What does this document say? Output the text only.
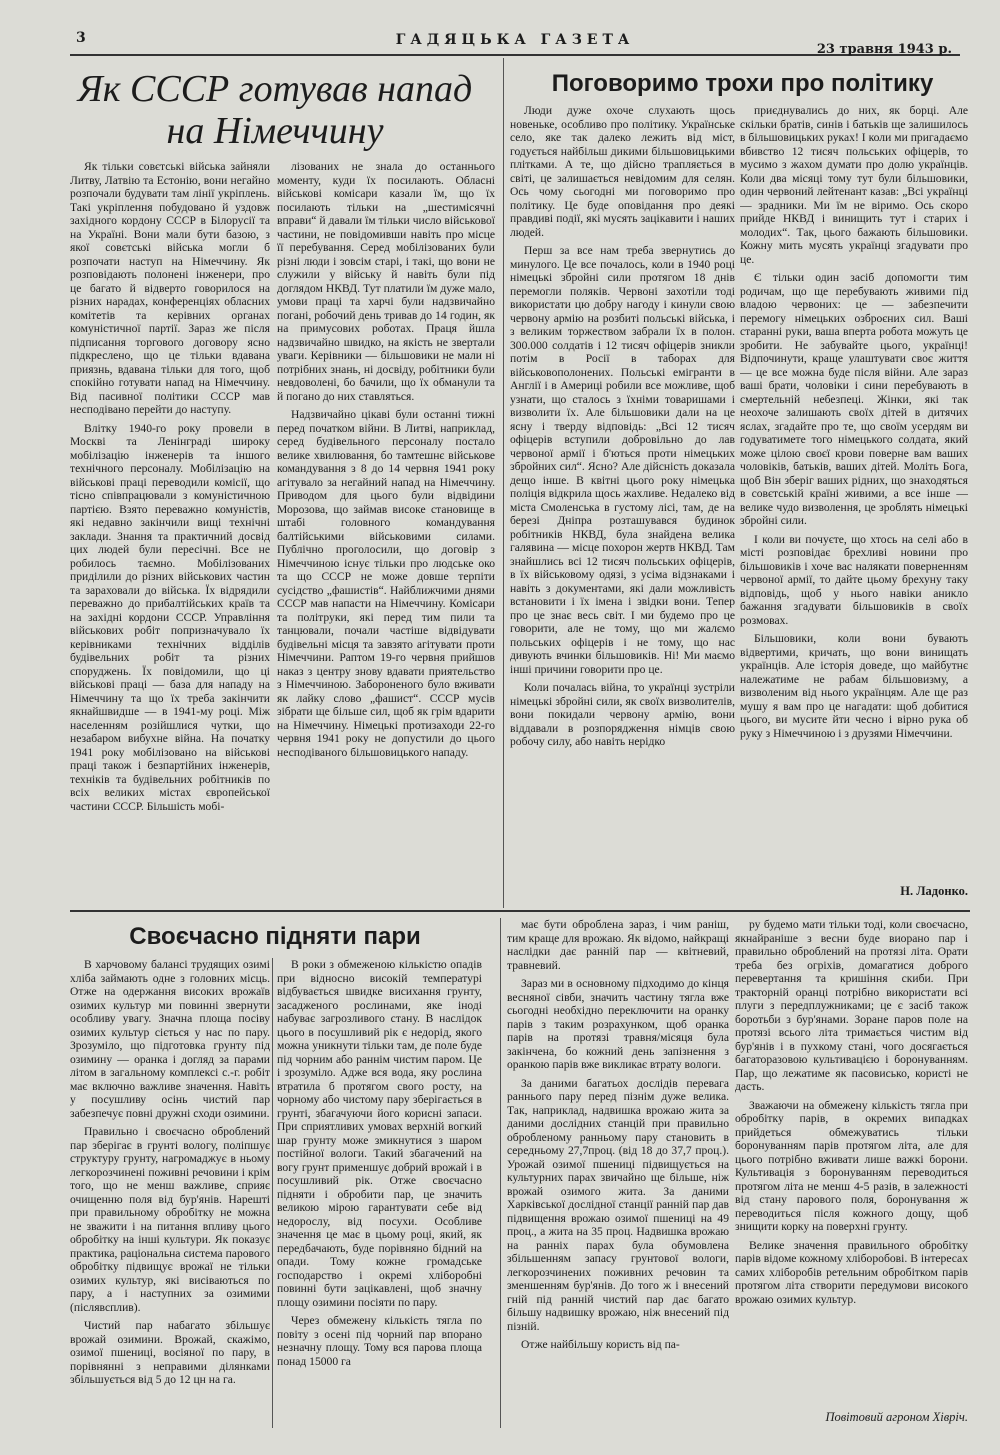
3	ГАДЯЦЬКА ГАЗЕТА
23 травня 1943 р.
Як СССР готував напад на Німеччину
Поговоримо трохи про політику

Як тільки совєтські війська зайняли Литву, Латвію та Естонію, вони негайно розпочали будувати там лінії укріплень. Такі укріплення побудовано й уздовж західного кордону СССР в Білорусії та на Україні. Вони мали бути базою, з якої совєтські війська могли б розпочати наступ на Німеччину. Як розповідають полонені інженери, про це багато й відверто говорилося на різних нарадах, конференціях обласних комітетів та керівних органах комуністичної партії. Зараз же після підписання торгового договору ясно підкреслено, що це тільки вдавана приязнь, вдавана тільки для того, щоб спокійно готувати напад на Німеччину. Від пасивної політики СССР мав несподівано перейти до наступу.

Влітку 1940-го року провели в Москві та Ленінграді широку мобілізацію інженерів та іншого технічного персоналу. Мобілізацію на військові праці переводили комісії, що тісно співпрацювали з комуністичною партією. Взято переважно комуністів, які недавно закінчили вищі технічні заклади. Знання та практичний досвід цих людей були пересічні. Все не робилось таємно. Мобілізованих приділили до різних військових частин та зараховали до війська. Їх відрядили переважно до прибалтійських країв та на західні кордони СССР. Управління військових робіт попризначувало їх керівниками технічних відділів будівельних робіт та різних споруджень. Їх повідомили, що ці військові праці — база для нападу на Німеччину та що їх треба закінчити якнайшвидше — в 1941-му році. Між населенням розійшлися чутки, що незабаром вибухне війна. На початку 1941 року мобілізовано на військові праці також і безпартійних інженерів, техніків та будівельних робітників по всіх великих містах європейської частини СССР. Більшість мобі-

лізованих не знала до останнього моменту, куди їх посилають. Обласні військові комісари казали їм, що їх посилають тільки на „шестимісячні вправи“ й давали їм тільки число військової частини, не повідомивши навіть про місце її перебування. Серед мобілізованих були різні люди і зовсім старі, і такі, що вони не служили у війську й навіть були під доглядом НКВД. Тут платили їм дуже мало, умови праці та харчі були надзвичайно погані, робочий день тривав до 14 годин, як на примусових роботах. Праця йшла надзвичайно швидко, на якість не звертали уваги. Керівники — більшовики не мали ні потрібних знань, ні досвіду, робітники були невдоволені, бо бачили, що їх обманули та й погано до них ставляться.

Надзвичайно цікаві були останні тижні перед початком війни. В Литві, наприклад, серед будівельного персоналу постало велике хвилювання, бо тамтешнє військове командування з 8 до 14 червня 1941 року агітувало за негайний напад на Німеччину. Приводом для цього були відвідини Морозова, що займав високе становище в штабі головного командування балтійськими військовими силами. Публічно проголосили, що договір з Німеччиною існує тільки про людське око та що СССР не може довше терпіти сусідство „фашистів“. Найближчими днями СССР мав напасти на Німеччину. Комісари та політруки, які перед тим пили та танцювали, почали частіше відвідувати будівельні місця та завзято агітувати проти Німеччини. Раптом 19-го червня прийшов наказ з центру знову вдавати приятельство з Німеччиною. Забороненого було вживати як лайку слово „фашист“. СССР мусів зібрати ще більше сил, щоб як грім вдарити на Німеччину. Німецькі протизаходи 22-го червня 1941 року не допустили до цього несподіваного більшовицького нападу.

Люди дуже охоче слухають щось новеньке, особливо про політику. Українське село, яке так далеко лежить від міст, годується найбільш дикими більшовицькими плітками. А те, що дійсно трапляється в світі, це залишається невідомим для селян. Ось чому сьогодні ми поговоримо про політику. Це буде оповідання про деякі правдиві події, які мусять зацікавити і наших людей.

Перш за все нам треба звернутись до минулого. Це все почалось, коли в 1940 році німецькі збройні сили протягом 18 днів перемогли поляків. Червоні захотіли тоді використати цю добру нагоду і кинули свою червону армію на розбиті польські війська, і з великим торжеством забрали їх в полон. 300.000 солдатів і 12 тисяч офіцерів зникли потім в Росії в таборах для військовополонених. Польські емігранти в Англії і в Америці робили все можливе, щоб узнати, що сталось з їхніми товаришами і визволити їх. Але більшовики дали на це ясну і тверду відповідь: „Всі 12 тисяч офіцерів вступили добровільно до лав червоної армії і б'ються проти німецьких збройних сил“. Ясно? Але дійсність доказала дещо інше. В квітні цього року німецька поліція відкрила щось жахливе. Недалеко від міста Смоленська в густому лісі, там, де на березі Дніпра розташувався будинок робітників НКВД, була знайдена велика галявина — місце похорон жертв НКВД. Там знайшлись всі 12 тисяч польських офіцерів, в їх військовому одязі, з усіма відзнаками і навіть з документами, які дали можливість встановити і їх імена і звідки вони. Тепер про це знає весь світ. І ми будемо про це говорити, але не тому, що ми жалємо польських офіцерів і не тому, що нас дивують вчинки більшовиків. Ні! Ми маємо інші причини говорити про це.

Коли почалась війна, то українці зустріли німецькі збройні сили, як своїх визволителів, вони покидали червону армію, вони віддавали в розпорядження німців свою робочу силу, або навіть нерідко

приєднувались до них, як борці. Але скільки братів, синів і батьків ще залишилось в більшовицьких руках! І коли ми пригадаємо вбивство 12 тисяч польських офіцерів, то мусимо з жахом думати про долю українців. Коли два місяці тому тут були більшовики, один червоний лейтенант казав: „Всі українці — зрадники. Ми їм не віримо. Ось скоро прийде НКВД і винищить тут і старих і молодих“. Так, цього бажають більшовики. Кожну мить мусять українці згадувати про це.

Є тільки один засіб допомогти тим родичам, що ще перебувають живими під владою червоних: це — забезпечити перемогу німецьких озброєних сил. Ваші старанні руки, ваша вперта робота можуть це зробити. Не забувайте цього, українці! Відпочинути, краще улаштувати своє життя — це все можна буде після війни. Але зараз ваші брати, чоловіки і сини перебувають в смертельній небезпеці. Жінки, які так неохоче залишають своїх дітей в дитячих яслах, згадайте про те, що своїм усердям ви годуватимете того німецького солдата, який може цілою своєї крови поверне вам ваших чоловіків, батьків, ваших дітей. Моліть Бога, щоб Він зберіг ваших рідних, що знаходяться в совєтській країні живими, а все інше — велике чудо визволення, це зроблять німецькі збройні сили.

І коли ви почуєте, що хтось на селі або в місті розповідає брехливі новини про більшовиків і хоче вас налякати поверненням червоної армії, то дайте цьому брехуну таку відповідь, щоб у нього навіки аникло бажання згадувати більшовиків в своїх розмовах.

Більшовики, коли вони бувають відвертими, кричать, що вони винищать українців. Але історія доведе, що майбутнє належатиме не рабам більшовизму, а визволеним від нього українцям. Але ще раз мушу я вам про це нагадати: щоб добитися цього, ви мусите йти чесно і вірно рука об руку з Німеччиною і з друзями Німеччини.

Н. Ладонко.
Своєчасно підняти пари

В харчовому балансі трудящих озимі хліба займають одне з головних місць. Отже на одержання високих врожаїв озимих культур ми повинні звернути особливу увагу. Значна площа посіву озимих культур сіється у нас по пару. Зрозуміло, що підготовка грунту під озимину — оранка і догляд за парами літом в загальному комплексі с.-г. робіт має включно важливе значення. Навіть у посушливу осінь чистий пар забезпечує повні дружні сходи озимини.

Правильно і своєчасно оброблений пар зберігає в грунті вологу, поліпшує структуру грунту, нагромаджує в ньому легкорозчинені поживні речовини і крім того, що не менш важливе, сприяє очищенню поля від бур'янів. Нарешті при правильному обробітку не можна не зважити і на питання впливу цього обробітку на інші культури. Як показує практика, раціональна система парового обробітку підвищує врожаї не тільки озимих культур, які висіваються по пару, а і наступних за озимими (післявсплив).

Чистий пар набагато збільшує врожай озимини. Врожай, скажімо, озимої пшениці, восіяної по пару, в порівнянні з неправими ділянками збільшується від 5 до 12 цн на га.

В роки з обмеженою кількістю опадів при відносно високій температурі відбувається швидке висихання грунту, засадженого рослинами, яке іноді набуває загрозливого стану. В наслідок цього в посушливий рік є недорід, якого можна уникнути тільки там, де поле буде під чорним або раннім чистим паром. Це і зрозуміло. Адже вся вода, яку рослина втратила б протягом свого росту, на чорному або чистому пару зберігається в грунті, збагачуючи його корисні запаси. При сприятливих умовах верхній вогкий шар грунту може змикнутися з шаром постійної вологи. Такий збагачений на вогу грунт применшує добрий врожай і в посушливий рік. Отже своєчасно підняти і обробити пар, це значить великою мірою гарантувати себе від недорослу, від посухи. Особливе значення це має в цьому році, який, як передбачають, буде порівняно бідний на опади. Тому кожне громадське господарство і окремі хліборобні повинні бути зацікавлені, щоб значну площу озимини посіяти по пару.

Через обмежену кількість тягла по повіту з осені під чорний пар впорано незначну площу. Тому вся парова площа понад 15000 га

має бути оброблена зараз, і чим раніш, тим краще для врожаю. Як відомо, найкращі наслідки дає ранній пар — квітневий, травневий.

Зараз ми в основному підходимо до кінця весняної сівби, значить частину тягла вже сьогодні необхідно переключити на оранку парів з таким розрахунком, щоб оранка парів на протязі травня/місяця була закінчена, бо кожний день запізнення з оранкою парів вже викликає втрату вологи.

За даними багатьох дослідів перевага раннього пару перед пізнім дуже велика. Так, наприклад, надвишка врожаю жита за даними дослідних станцій при правильно обробленому ранньому пару становить в середньому 27,7проц. (від 18 до 37,7 проц.). Урожай озимої пшениці підвищується на культурних парах звичайно ще більше, ніж врожай озимого жита. За даними Харківської дослідної станції ранній пар дав підвищення врожаю озимої пшениці на 49 проц., а жита на 35 проц. Надвишка врожаю на ранніх парах була обумовлена збільшенням запасу грунтової вологи, легкорозчинених поживних речовин та зменшенням бур'янів. До того ж і внесений гній під ранній чистий пар дає багато більшу надвишку врожаю, ніж внесений під пізній.

Отже найбільшу користь від па-

ру будемо мати тільки тоді, коли своєчасно, якнайраніше з весни буде виорано пар і правильно оброблений на протязі літа. Орати треба без огріхів, домагатися доброго перевертання та кришіння скиби. При тракторній оранці потрібно використати всі плуги з передплужниками; це є засіб також боротьби з бур'янами. Зоране паров поле на протязі всього літа тримається чистим від бур'янів і в пухкому стані, чого досягається багаторазовою культивацією і боронуванням. Пар, що лежатиме як пасовисько, користі не дасть.

Зважаючи на обмежену кількість тягла при обробітку парів, в окремих випадках прийдеться обмежуватись тільки боронуванням парів протягом літа, але для цього потрібно вживати лише важкі борони. Культивація з боронуванням переводиться протягом літа не менш 4-5 разів, в залежності від стану парового поля, боронування ж переводиться після кожного дощу, щоб знищити корку на поверхні грунту.

Велике значення правильного обробітку парів відоме кожному хліборобові. В інтересах самих хліборобів ретельним обробітком парів протягом літа створити передумови високого врожаю озимих культур.

Повітовий агроном Хівріч.
